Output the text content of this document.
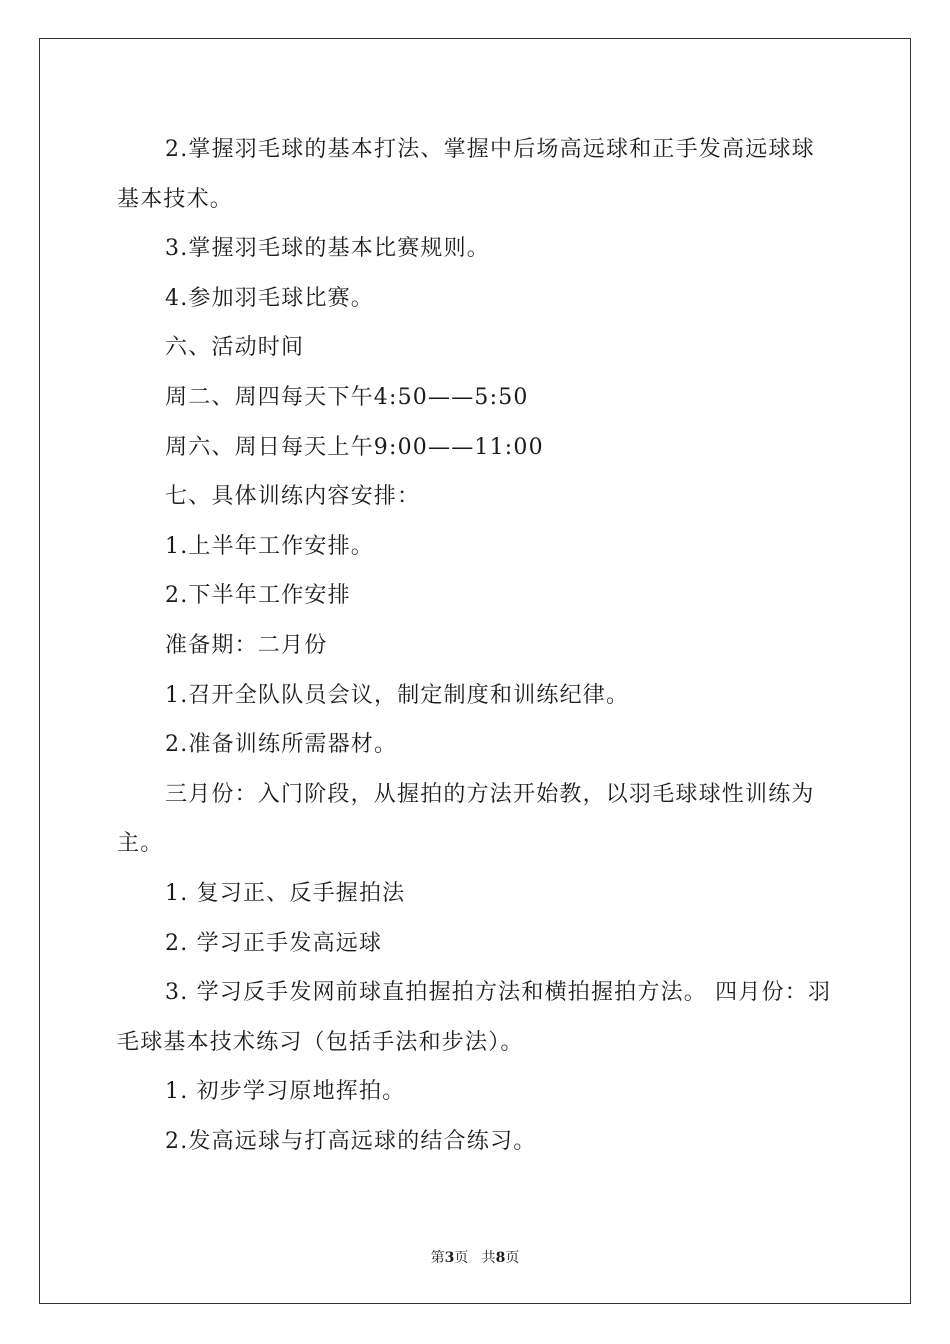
2.掌握羽毛球的基本打法、掌握中后场高远球和正手发高远球球基本技术。

3.掌握羽毛球的基本比赛规则。

4.参加羽毛球比赛。

六、活动时间

周二、周四每天下午4:50——5:50

周六、周日每天上午9:00——11:00

七、具体训练内容安排：

1.上半年工作安排。

2.下半年工作安排

准备期：二月份

1.召开全队队员会议，制定制度和训练纪律。

2.准备训练所需器材。

三月份：入门阶段，从握拍的方法开始教，以羽毛球球性训练为主。

1. 复习正、反手握拍法

2. 学习正手发高远球

3. 学习反手发网前球直拍握拍方法和横拍握拍方法。 四月份：羽毛球基本技术练习（包括手法和步法）。

1. 初步学习原地挥拍。

2.发高远球与打高远球的结合练习。

第3页 共8页
